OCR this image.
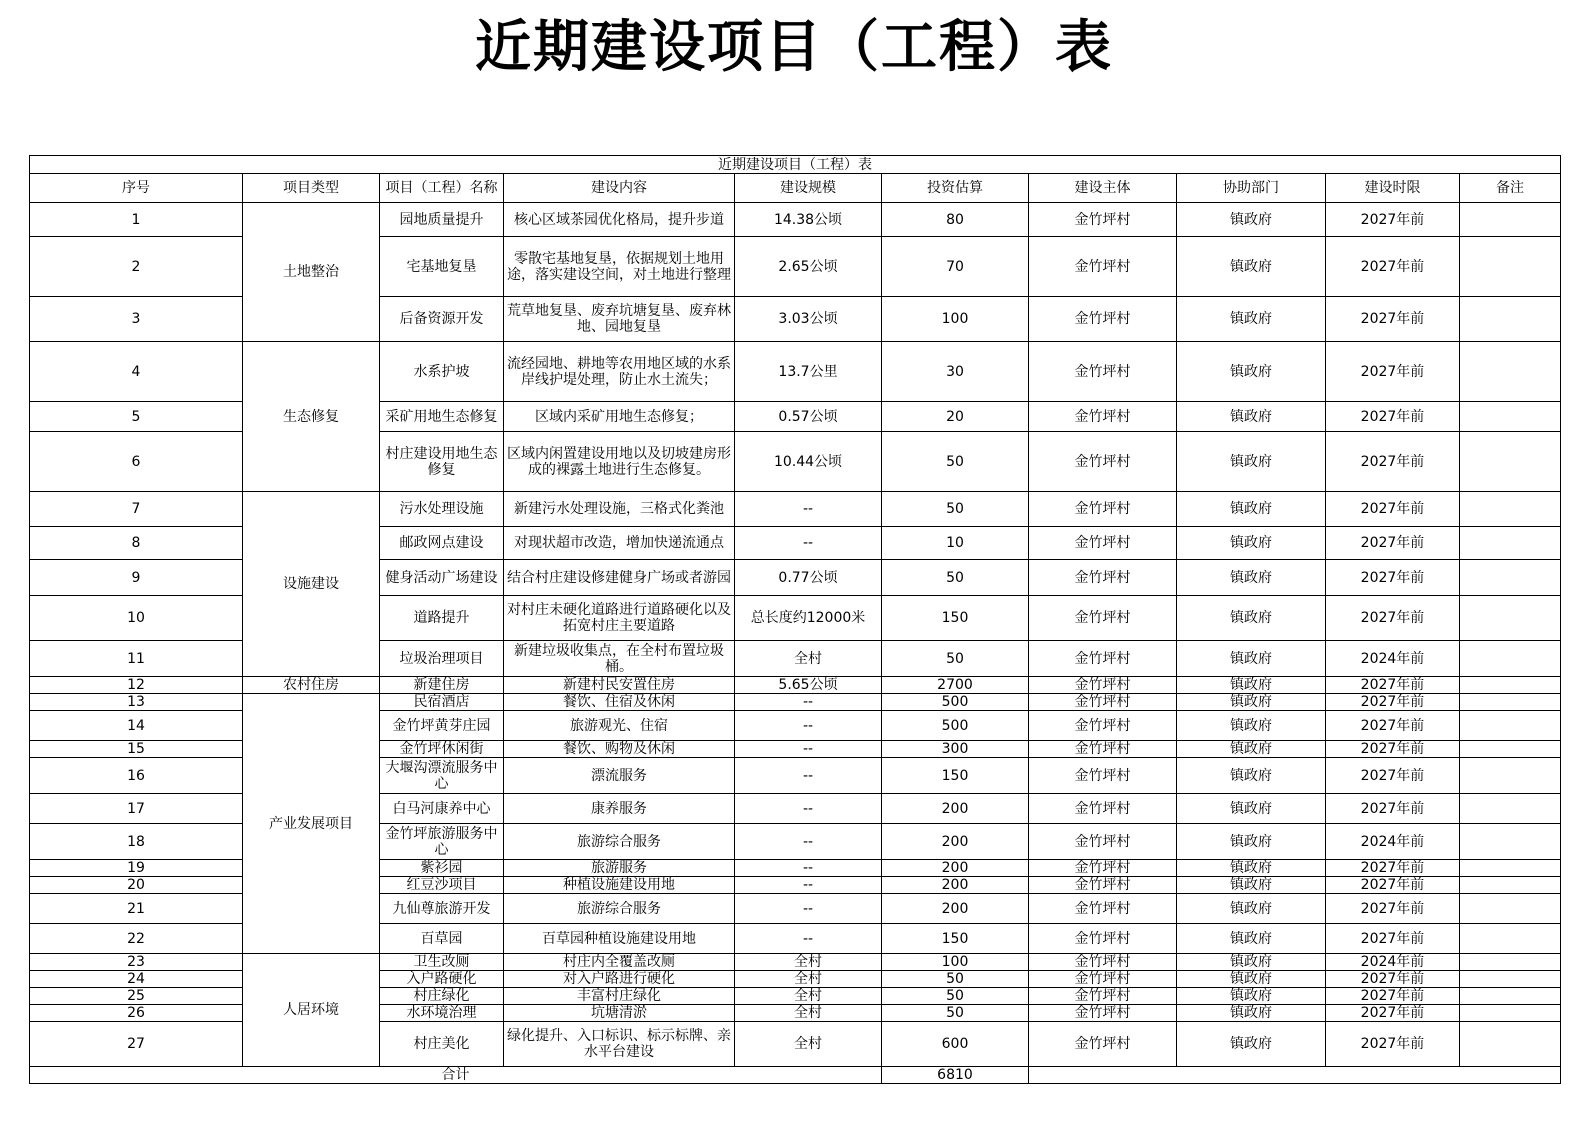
近期建设项目（工程）表
近期建设项目（工程）表									
序号	项目类型	项目（工程）名称	建设内容	建设规模	投资估算	建设主体	协助部门	建设时限	备注
1	土地整治	园地质量提升	核心区域茶园优化格局，提升步道	14.38公顷	80	金竹坪村	镇政府	2027年前	
2		宅基地复垦	零散宅基地复垦，依据规划土地用途，落实建设空间，对土地进行整理	2.65公顷	70	金竹坪村	镇政府	2027年前	
3		后备资源开发	荒草地复垦、废弃坑塘复垦、废弃林地、园地复垦	3.03公顷	100	金竹坪村	镇政府	2027年前	
4	生态修复	水系护坡	流经园地、耕地等农用地区域的水系岸线护堤处理，防止水土流失；	13.7公里	30	金竹坪村	镇政府	2027年前	
5		采矿用地生态修复	区域内采矿用地生态修复；	0.57公顷	20	金竹坪村	镇政府	2027年前	
6		村庄建设用地生态修复	区域内闲置建设用地以及切坡建房形成的裸露土地进行生态修复。	10.44公顷	50	金竹坪村	镇政府	2027年前	
7	设施建设	污水处理设施	新建污水处理设施，三格式化粪池	--	50	金竹坪村	镇政府	2027年前	
8		邮政网点建设	对现状超市改造，增加快递流通点	--	10	金竹坪村	镇政府	2027年前	
9		健身活动广场建设	结合村庄建设修建健身广场或者游园	0.77公顷	50	金竹坪村	镇政府	2027年前	
10		道路提升	对村庄未硬化道路进行道路硬化以及拓宽村庄主要道路	总长度约12000米	150	金竹坪村	镇政府	2027年前	
11		垃圾治理项目	新建垃圾收集点，在全村布置垃圾桶。	全村	50	金竹坪村	镇政府	2024年前	
12	农村住房	新建住房	新建村民安置住房	5.65公顷	2700	金竹坪村	镇政府	2027年前	
13	产业发展项目	民宿酒店	餐饮、住宿及休闲	--	500	金竹坪村	镇政府	2027年前	
14		金竹坪黄芽庄园	旅游观光、住宿	--	500	金竹坪村	镇政府	2027年前	
15		金竹坪休闲街	餐饮、购物及休闲	--	300	金竹坪村	镇政府	2027年前	
16		大堰沟漂流服务中心	漂流服务	--	150	金竹坪村	镇政府	2027年前	
17		白马河康养中心	康养服务	--	200	金竹坪村	镇政府	2027年前	
18		金竹坪旅游服务中心	旅游综合服务	--	200	金竹坪村	镇政府	2024年前	
19		紫衫园	旅游服务	--	200	金竹坪村	镇政府	2027年前	
20		红豆沙项目	种植设施建设用地	--	200	金竹坪村	镇政府	2027年前	
21		九仙尊旅游开发	旅游综合服务	--	200	金竹坪村	镇政府	2027年前	
22		百草园	百草园种植设施建设用地	--	150	金竹坪村	镇政府	2027年前	
23	人居环境	卫生改厕	村庄内全覆盖改厕	全村	100	金竹坪村	镇政府	2024年前	
24		入户路硬化	对入户路进行硬化	全村	50	金竹坪村	镇政府	2027年前	
25		村庄绿化	丰富村庄绿化	全村	50	金竹坪村	镇政府	2027年前	
26		水环境治理	坑塘清淤	全村	50	金竹坪村	镇政府	2027年前	
27		村庄美化	绿化提升、入口标识、标示标牌、亲水平台建设	全村	600	金竹坪村	镇政府	2027年前	
合计					6810				
